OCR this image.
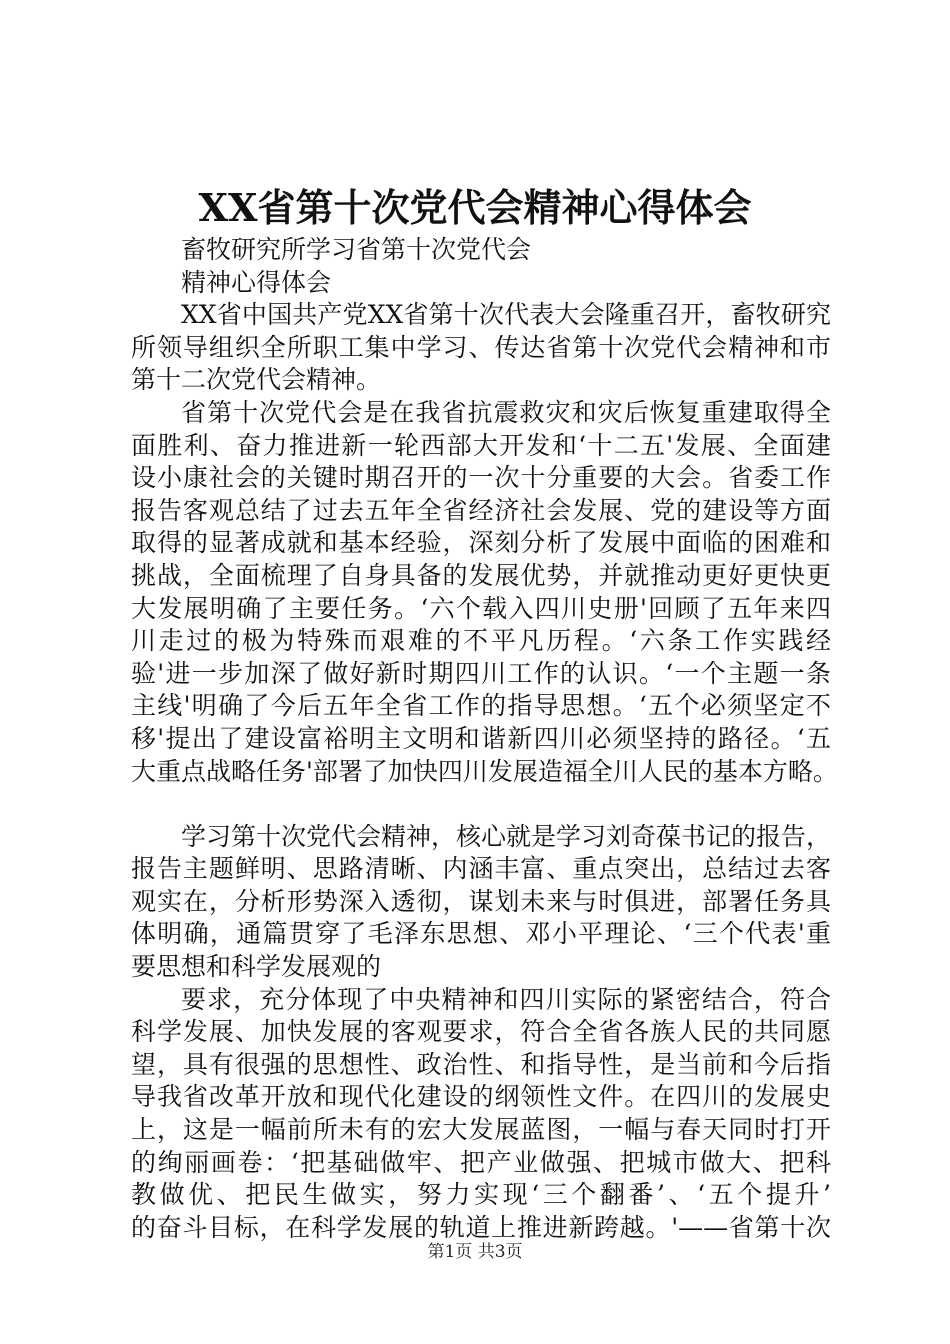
XX省第十次党代会精神心得体会
畜牧研究所学习省第十次党代会
精神心得体会
XX省中国共产党XX省第十次代表大会隆重召开，畜牧研究
所领导组织全所职工集中学习、传达省第十次党代会精神和市
第十二次党代会精神。
省第十次党代会是在我省抗震救灾和灾后恢复重建取得全
面胜利、奋力推进新一轮西部大开发和‘十二五'发展、全面建
设小康社会的关键时期召开的一次十分重要的大会。省委工作
报告客观总结了过去五年全省经济社会发展、党的建设等方面
取得的显著成就和基本经验，深刻分析了发展中面临的困难和
挑战，全面梳理了自身具备的发展优势，并就推动更好更快更
大发展明确了主要任务。‘六个载入四川史册'回顾了五年来四
川走过的极为特殊而艰难的不平凡历程。‘六条工作实践经
验'进一步加深了做好新时期四川工作的认识。‘一个主题一条
主线'明确了今后五年全省工作的指导思想。‘五个必须坚定不
移'提出了建设富裕明主文明和谐新四川必须坚持的路径。‘五
大重点战略任务'部署了加快四川发展造福全川人民的基本方略。
学习第十次党代会精神，核心就是学习刘奇葆书记的报告，
报告主题鲜明、思路清晰、内涵丰富、重点突出，总结过去客
观实在，分析形势深入透彻，谋划未来与时俱进，部署任务具
体明确，通篇贯穿了毛泽东思想、邓小平理论、‘三个代表'重
要思想和科学发展观的
要求，充分体现了中央精神和四川实际的紧密结合，符合
科学发展、加快发展的客观要求，符合全省各族人民的共同愿
望，具有很强的思想性、政治性、和指导性，是当前和今后指
导我省改革开放和现代化建设的纲领性文件。在四川的发展史
上，这是一幅前所未有的宏大发展蓝图，一幅与春天同时打开
的绚丽画卷：‘把基础做牢、把产业做强、把城市做大、把科
教做优、把民生做实，努力实现‘三个翻番’、‘五个提升’
的奋斗目标，在科学发展的轨道上推进新跨越。'——省第十次
第1页 共3页
